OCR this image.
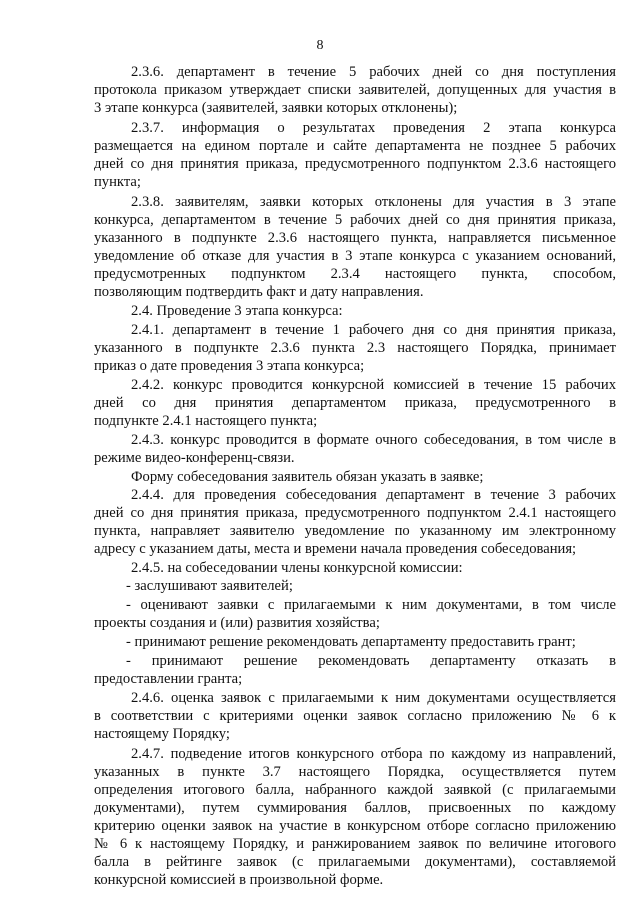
8
2.3.6. департамент в течение 5 рабочих дней со дня поступления
протокола приказом утверждает списки заявителей, допущенных для участия в
3 этапе конкурса (заявителей, заявки которых отклонены);
2.3.7. информация о результатах проведения 2 этапа конкурса
размещается на едином портале и сайте департамента не позднее 5 рабочих
дней со дня принятия приказа, предусмотренного подпунктом 2.3.6 настоящего
пункта;
2.3.8. заявителям, заявки которых отклонены для участия в 3 этапе
конкурса, департаментом в течение 5 рабочих дней со дня принятия приказа,
указанного в подпункте 2.3.6 настоящего пункта, направляется письменное
уведомление об отказе для участия в 3 этапе конкурса с указанием оснований,
предусмотренных подпунктом 2.3.4 настоящего пункта, способом,
позволяющим подтвердить факт и дату направления.
2.4. Проведение 3 этапа конкурса:
2.4.1. департамент в течение 1 рабочего дня со дня принятия приказа,
указанного в подпункте 2.3.6 пункта 2.3 настоящего Порядка, принимает
приказ о дате проведения 3 этапа конкурса;
2.4.2. конкурс проводится конкурсной комиссией в течение 15 рабочих
дней со дня принятия департаментом приказа, предусмотренного в
подпункте 2.4.1 настоящего пункта;
2.4.3. конкурс проводится в формате очного собеседования, в том числе в
режиме видео-конференц-связи.
Форму собеседования заявитель обязан указать в заявке;
2.4.4. для проведения собеседования департамент в течение 3 рабочих
дней со дня принятия приказа, предусмотренного подпунктом 2.4.1 настоящего
пункта, направляет заявителю уведомление по указанному им электронному
адресу с указанием даты, места и времени начала проведения собеседования;
2.4.5. на собеседовании члены конкурсной комиссии:
- заслушивают заявителей;
- оценивают заявки с прилагаемыми к ним документами, в том числе
проекты создания и (или) развития хозяйства;
- принимают решение рекомендовать департаменту предоставить грант;
- принимают решение рекомендовать департаменту отказать в
предоставлении гранта;
2.4.6. оценка заявок с прилагаемыми к ним документами осуществляется
в соответствии с критериями оценки заявок согласно приложению № 6 к
настоящему Порядку;
2.4.7. подведение итогов конкурсного отбора по каждому из направлений,
указанных в пункте 3.7 настоящего Порядка, осуществляется путем
определения итогового балла, набранного каждой заявкой (с прилагаемыми
документами), путем суммирования баллов, присвоенных по каждому
критерию оценки заявок на участие в конкурсном отборе согласно приложению
№ 6 к настоящему Порядку, и ранжированием заявок по величине итогового
балла в рейтинге заявок (с прилагаемыми документами), составляемой
конкурсной комиссией в произвольной форме.
